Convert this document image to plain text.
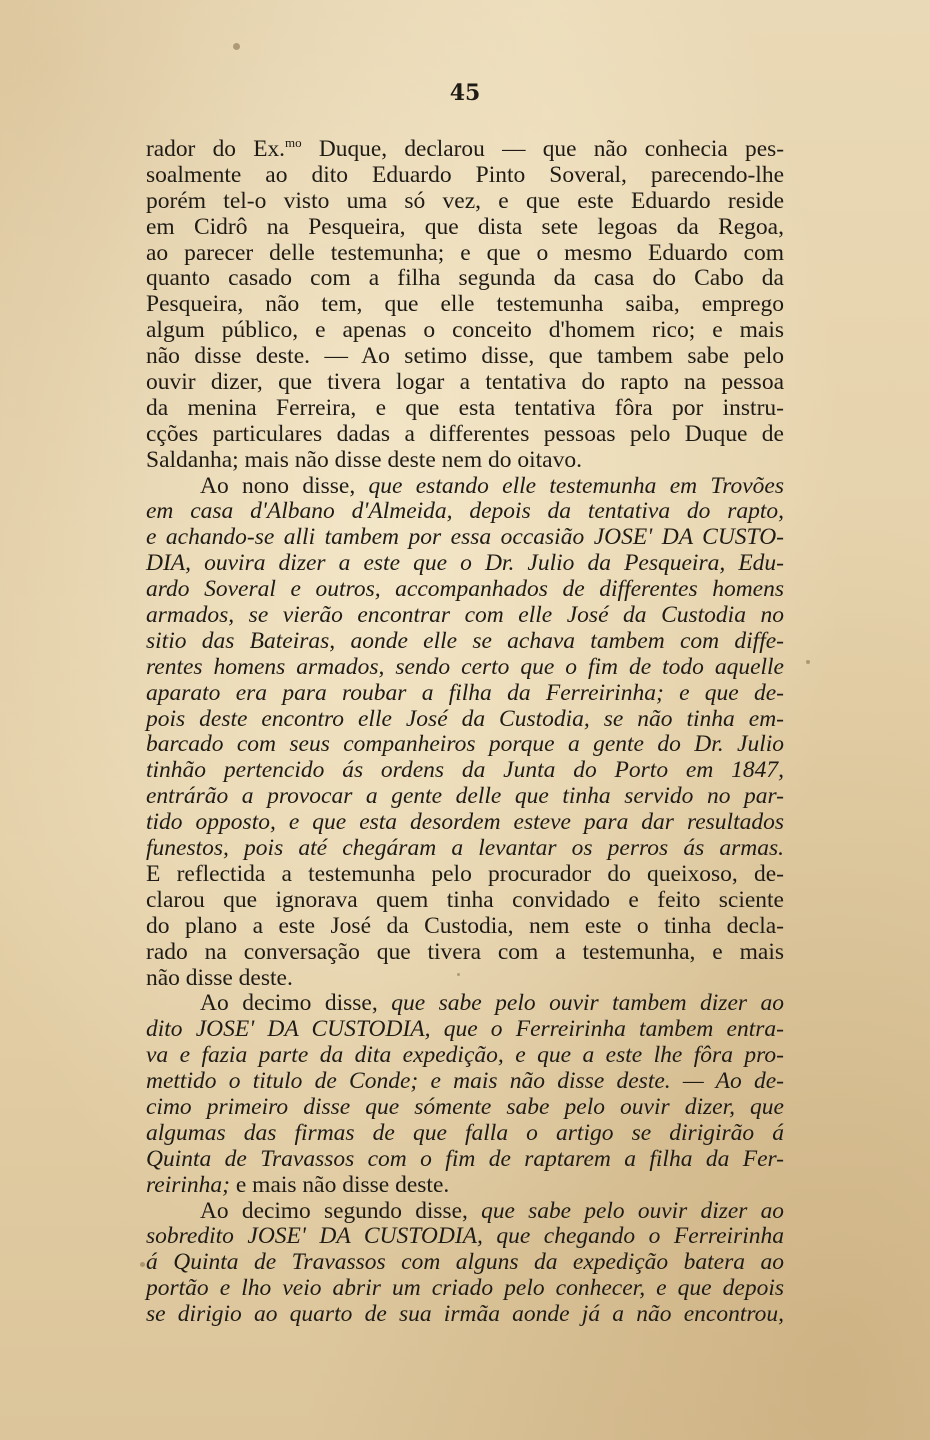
45
rador do Ex.$^{mo}$ Duque, declarou — que não conhecia pes-
soalmente ao dito Eduardo Pinto Soveral, parecendo-lhe
porém tel-o visto uma só vez, e que este Eduardo reside
em Cidrô na Pesqueira, que dista sete legoas da Regoa,
ao parecer delle testemunha; e que o mesmo Eduardo com
quanto casado com a filha segunda da casa do Cabo da
Pesqueira, não tem, que elle testemunha saiba, emprego
algum público, e apenas o conceito d'homem rico; e mais
não disse deste. — Ao setimo disse, que tambem sabe pelo
ouvir dizer, que tivera logar a tentativa do rapto na pessoa
da menina Ferreira, e que esta tentativa fôra por instru-
cções particulares dadas a differentes pessoas pelo Duque de
Saldanha; mais não disse deste nem do oitavo.
Ao nono disse, que estando elle testemunha em Trovões
em casa d'Albano d'Almeida, depois da tentativa do rapto,
e achando-se alli tambem por essa occasião JOSE' DA CUSTO-
DIA, ouvira dizer a este que o Dr. Julio da Pesqueira, Edu-
ardo Soveral e outros, accompanhados de differentes homens
armados, se vierão encontrar com elle José da Custodia no
sitio das Bateiras, aonde elle se achava tambem com diffe-
rentes homens armados, sendo certo que o fim de todo aquelle
aparato era para roubar a filha da Ferreirinha; e que de-
pois deste encontro elle José da Custodia, se não tinha em-
barcado com seus companheiros porque a gente do Dr. Julio
tinhão pertencido ás ordens da Junta do Porto em 1847,
entrárão a provocar a gente delle que tinha servido no par-
tido opposto, e que esta desordem esteve para dar resultados
funestos, pois até chegáram a levantar os perros ás armas.
E reflectida a testemunha pelo procurador do queixoso, de-
clarou que ignorava quem tinha convidado e feito sciente
do plano a este José da Custodia, nem este o tinha decla-
rado na conversação que tivera com a testemunha, e mais
não disse deste.
Ao decimo disse, que sabe pelo ouvir tambem dizer ao
dito JOSE' DA CUSTODIA, que o Ferreirinha tambem entra-
va e fazia parte da dita expedição, e que a este lhe fôra pro-
mettido o titulo de Conde; e mais não disse deste. — Ao de-
cimo primeiro disse que sómente sabe pelo ouvir dizer, que
algumas das firmas de que falla o artigo se dirigirão á
Quinta de Travassos com o fim de raptarem a filha da Fer-
reirinha; e mais não disse deste.
Ao decimo segundo disse, que sabe pelo ouvir dizer ao
sobredito JOSE' DA CUSTODIA, que chegando o Ferreirinha
á Quinta de Travassos com alguns da expedição batera ao
portão e lho veio abrir um criado pelo conhecer, e que depois
se dirigio ao quarto de sua irmãa aonde já a não encontrou,
